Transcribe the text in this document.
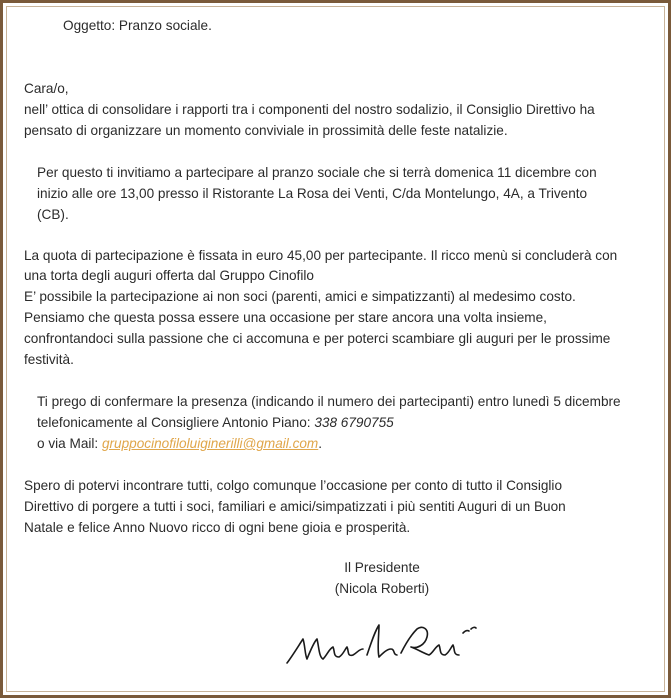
Oggetto: Pranzo sociale.
Cara/o,
nell’ ottica di consolidare i rapporti tra i componenti del nostro sodalizio, il Consiglio Direttivo ha
pensato di organizzare un momento conviviale in prossimità delle feste natalizie.
Per questo ti invitiamo a partecipare al pranzo sociale che si terrà domenica 11 dicembre con
inizio alle ore 13,00 presso il Ristorante La Rosa dei Venti, C/da Montelungo, 4A, a Trivento
(CB).
La quota di partecipazione è fissata in euro 45,00 per partecipante. Il ricco menù si concluderà con
una torta degli auguri offerta dal Gruppo Cinofilo
E’ possibile la partecipazione ai non soci (parenti, amici e simpatizzanti) al medesimo costo.
Pensiamo che questa possa essere una occasione per stare ancora una volta insieme,
confrontandoci sulla passione che ci accomuna e per poterci scambiare gli auguri per le prossime
festività.
Ti prego di confermare la presenza (indicando il numero dei partecipanti) entro lunedì 5 dicembre
telefonicamente al Consigliere Antonio Piano: 338 6790755
o via Mail: gruppocinofiloluiginerilli@gmail.com.
Spero di potervi incontrare tutti, colgo comunque l’occasione per conto di tutto il Consiglio
Direttivo di porgere a tutti i soci, familiari e amici/simpatizzati i più sentiti Auguri di un Buon
Natale e felice Anno Nuovo ricco di ogni bene gioia e prosperità.
Il Presidente
(Nicola Roberti)
